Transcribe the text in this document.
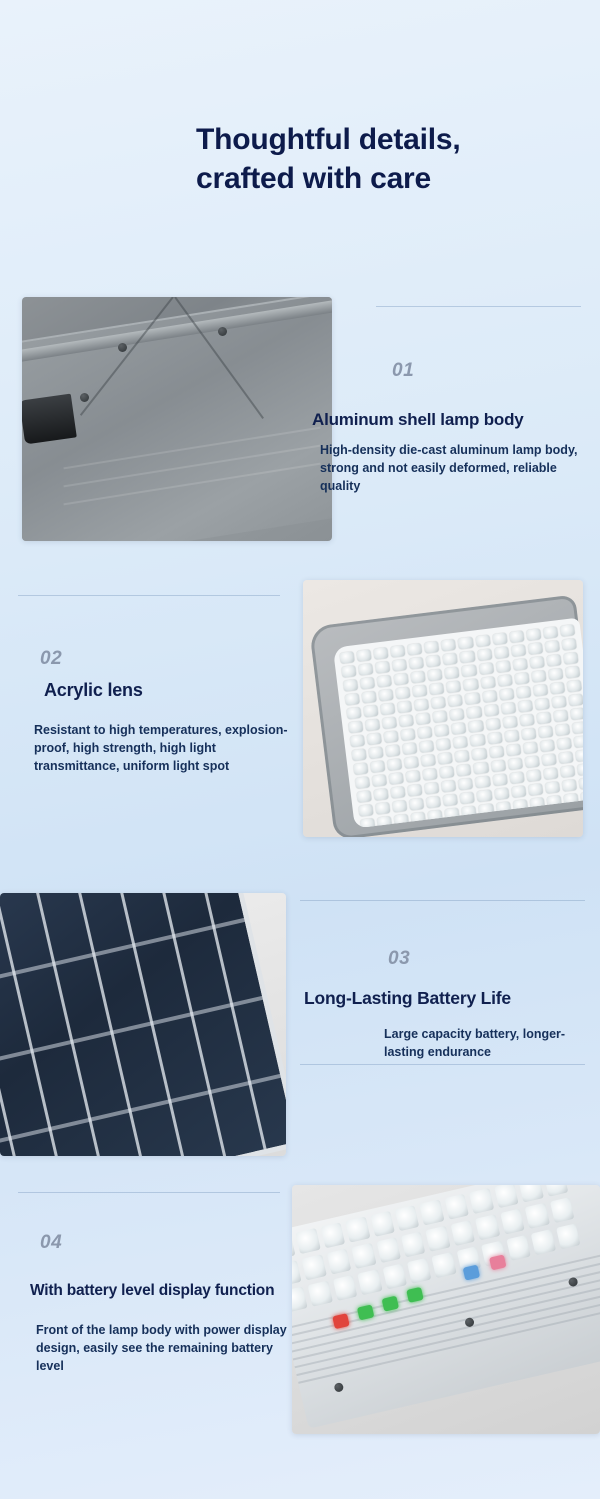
Thoughtful details, crafted with care
01
Aluminum shell lamp body
High-density die-cast aluminum lamp body, strong and not easily deformed, reliable quality
02
Acrylic lens
Resistant to high temperatures, explosion-proof, high strength, high light transmittance, uniform light spot
03
Long-Lasting Battery Life
Large capacity battery, longer-lasting endurance
04
With battery level display function
Front of the lamp body with power display design, easily see the remaining battery level
